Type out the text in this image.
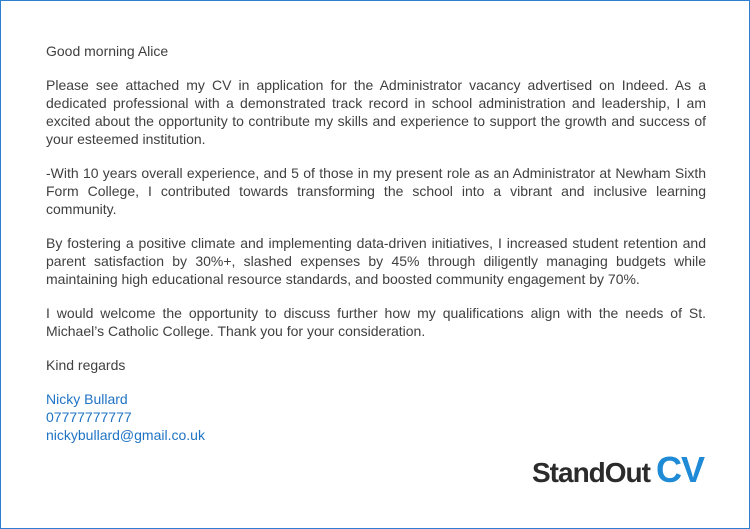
Good morning Alice

Please see attached my CV in application for the Administrator vacancy advertised on Indeed. As a dedicated professional with a demonstrated track record in school administration and leadership, I am excited about the opportunity to contribute my skills and experience to support the growth and success of your esteemed institution.

-With 10 years overall experience, and 5 of those in my present role as an Administrator at Newham Sixth Form College, I contributed towards transforming the school into a vibrant and inclusive learning community.

By fostering a positive climate and implementing data-driven initiatives, I increased student retention and parent satisfaction by 30%+, slashed expenses by 45% through diligently managing budgets while maintaining high educational resource standards, and boosted community engagement by 70%.

I would welcome the opportunity to discuss further how my qualifications align with the needs of St. Michael’s Catholic College. Thank you for your consideration.

Kind regards

Nicky Bullard
07777777777
nickybullard@gmail.co.uk
StandOut CV
